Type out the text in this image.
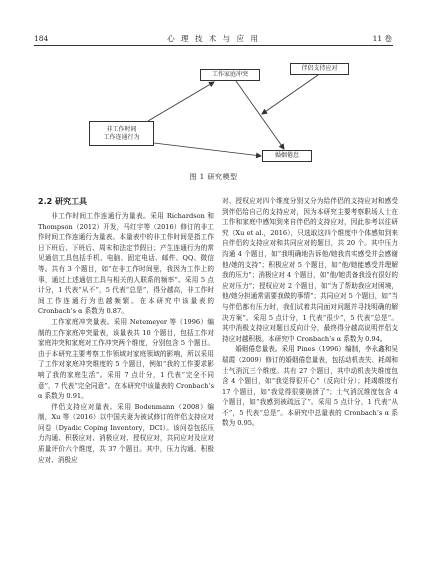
184	心 理 技 术 与 应 用	11 卷
工作家庭冲突
伴侣支持应对
非工作时间
工作连通行为
婚姻倦怠
图 1 研究模型
2.2 研究工具

非工作时间工作连通行为量表。采用 Richardson 和 Thompson（2012）开发，马红宇等（2016）修订的非工作时间工作连通行为量表。本量表中的非工作时间是指工作日下班后、下班后、周末和法定节假日；产生连通行为的常见通信工具包括手机、电脑、固定电话、邮件、QQ、微信等。共有 3 个题目，如“在非工作时间里，我因为工作上的事，通过上述通信工具与相关的人联系的频率”。采用 5 点计分，1 代表“从不”，5 代表“总是”，得分越高，非工作时间工作连通行为也越频繁。在本研究中该量表的 Cronbach’s α 系数为 0.87。

工作家庭冲突量表。采用 Netemeyer 等（1996）编制的工作家庭冲突量表，该量表共 10 个题目，包括工作对家庭冲突和家庭对工作冲突两个维度，分别包含 5 个题目。由于本研究主要考察工作领域对家庭领域的影响，所以采用了工作对家庭冲突维度的 5 个题目，例如“我的工作要求影响了我的家庭生活”。采用 7 点计分，1 代表“完全不同意”，7 代表“完全同意”。在本研究中该量表的 Cronbach’s α 系数为 0.91。

伴侣支持应对量表。采用 Bodenmann（2008）编制，Xu 等（2016）以中国夫妻为被试修订的伴侣支持应对问卷（Dyadic Coping Inventory，DCI）。该问卷包括压力沟通、积极应对、消极应对、授权应对，共同应对及应对质量评价六个维度，共 37 个题目。其中，压力沟通、积极应对、消极应

对、授权应对四个维度分别又分为给伴侣的支持应对和感受到伴侣给自己的支持应对，因为本研究主要考察职场人士在工作和家庭中感知到来自伴侣的支持应对，因此参考以往研究（Xu et al.，2016），只选取这四个维度中个体感知到来自伴侣的支持应对和共同应对的题目，共 20 个。其中压力沟通 4 个题目，如“我明确地告诉他/她我真实感受并会感谢他/她的支持”；积极应对 5 个题目，如“他/她能感受并理解我的压力”；消极应对 4 个题目，如“他/她责备我没有很好的应对压力”；授权应对 2 个题目，如“为了帮助我应对困境，他/她分担通常需要我做的事情”；共同应对 5 个题目，如“当与伴侣都有压力时，我们试着共同面对问题并寻找明确的解决方案”。采用 5 点计分，1 代表“很少”，5 代表“总是”。其中消极支持应对题目反向计分，最终得分越高说明伴侣支持应对越积极。本研究中 Cronbach’s α 系数为 0.94。

婚姻倦怠量表。采用 Pines（1996）编制，李永鑫和吴瑞霞（2009）修订的婚姻倦怠量表，包括动机丧失、耗竭和士气消沉三个维度。共有 27 个题目，其中动机丧失维度包含 4 个题目，如“我觉得很开心”（反向计分）；耗竭维度有 17 个题目，如“我觉得很要崩溃了”；士气消沉维度包含 4 个题目，如“我感到被疏远了”。采用 5 点计分，1 代表“从不”，5 代表“总是”。本研究中总量表的 Cronbach’s α 系数为 0.95。
